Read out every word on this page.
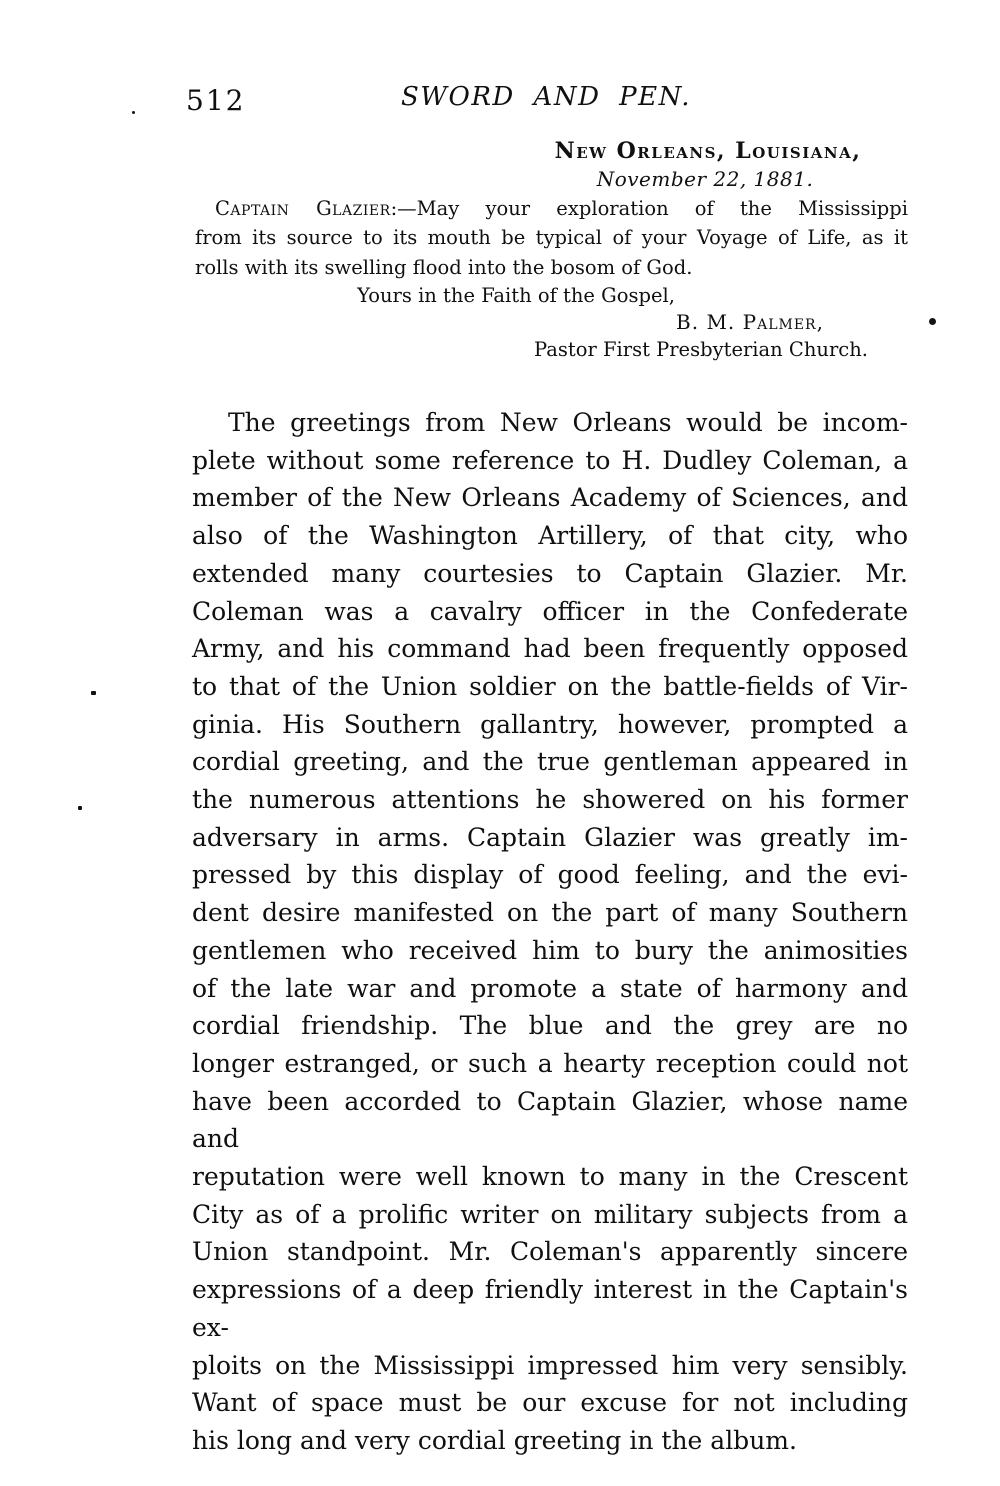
512	SWORD AND PEN.
New Orleans, Louisiana,
November 22, 1881.
Captain Glazier:—May your exploration of the Mississippi
from its source to its mouth be typical of your Voyage of Life, as it
rolls with its swelling flood into the bosom of God.
Yours in the Faith of the Gospel,
B. M. Palmer,
Pastor First Presbyterian Church.
The greetings from New Orleans would be incom-
plete without some reference to H. Dudley Coleman, a
member of the New Orleans Academy of Sciences, and
also of the Washington Artillery, of that city, who
extended many courtesies to Captain Glazier. Mr.
Coleman was a cavalry officer in the Confederate
Army, and his command had been frequently opposed
to that of the Union soldier on the battle-fields of Vir-
ginia. His Southern gallantry, however, prompted a
cordial greeting, and the true gentleman appeared in
the numerous attentions he showered on his former
adversary in arms. Captain Glazier was greatly im-
pressed by this display of good feeling, and the evi-
dent desire manifested on the part of many Southern
gentlemen who received him to bury the animosities
of the late war and promote a state of harmony and
cordial friendship. The blue and the grey are no
longer estranged, or such a hearty reception could not
have been accorded to Captain Glazier, whose name and
reputation were well known to many in the Crescent
City as of a prolific writer on military subjects from a
Union standpoint. Mr. Coleman's apparently sincere
expressions of a deep friendly interest in the Captain's ex-
ploits on the Mississippi impressed him very sensibly.
Want of space must be our excuse for not including
his long and very cordial greeting in the album.
